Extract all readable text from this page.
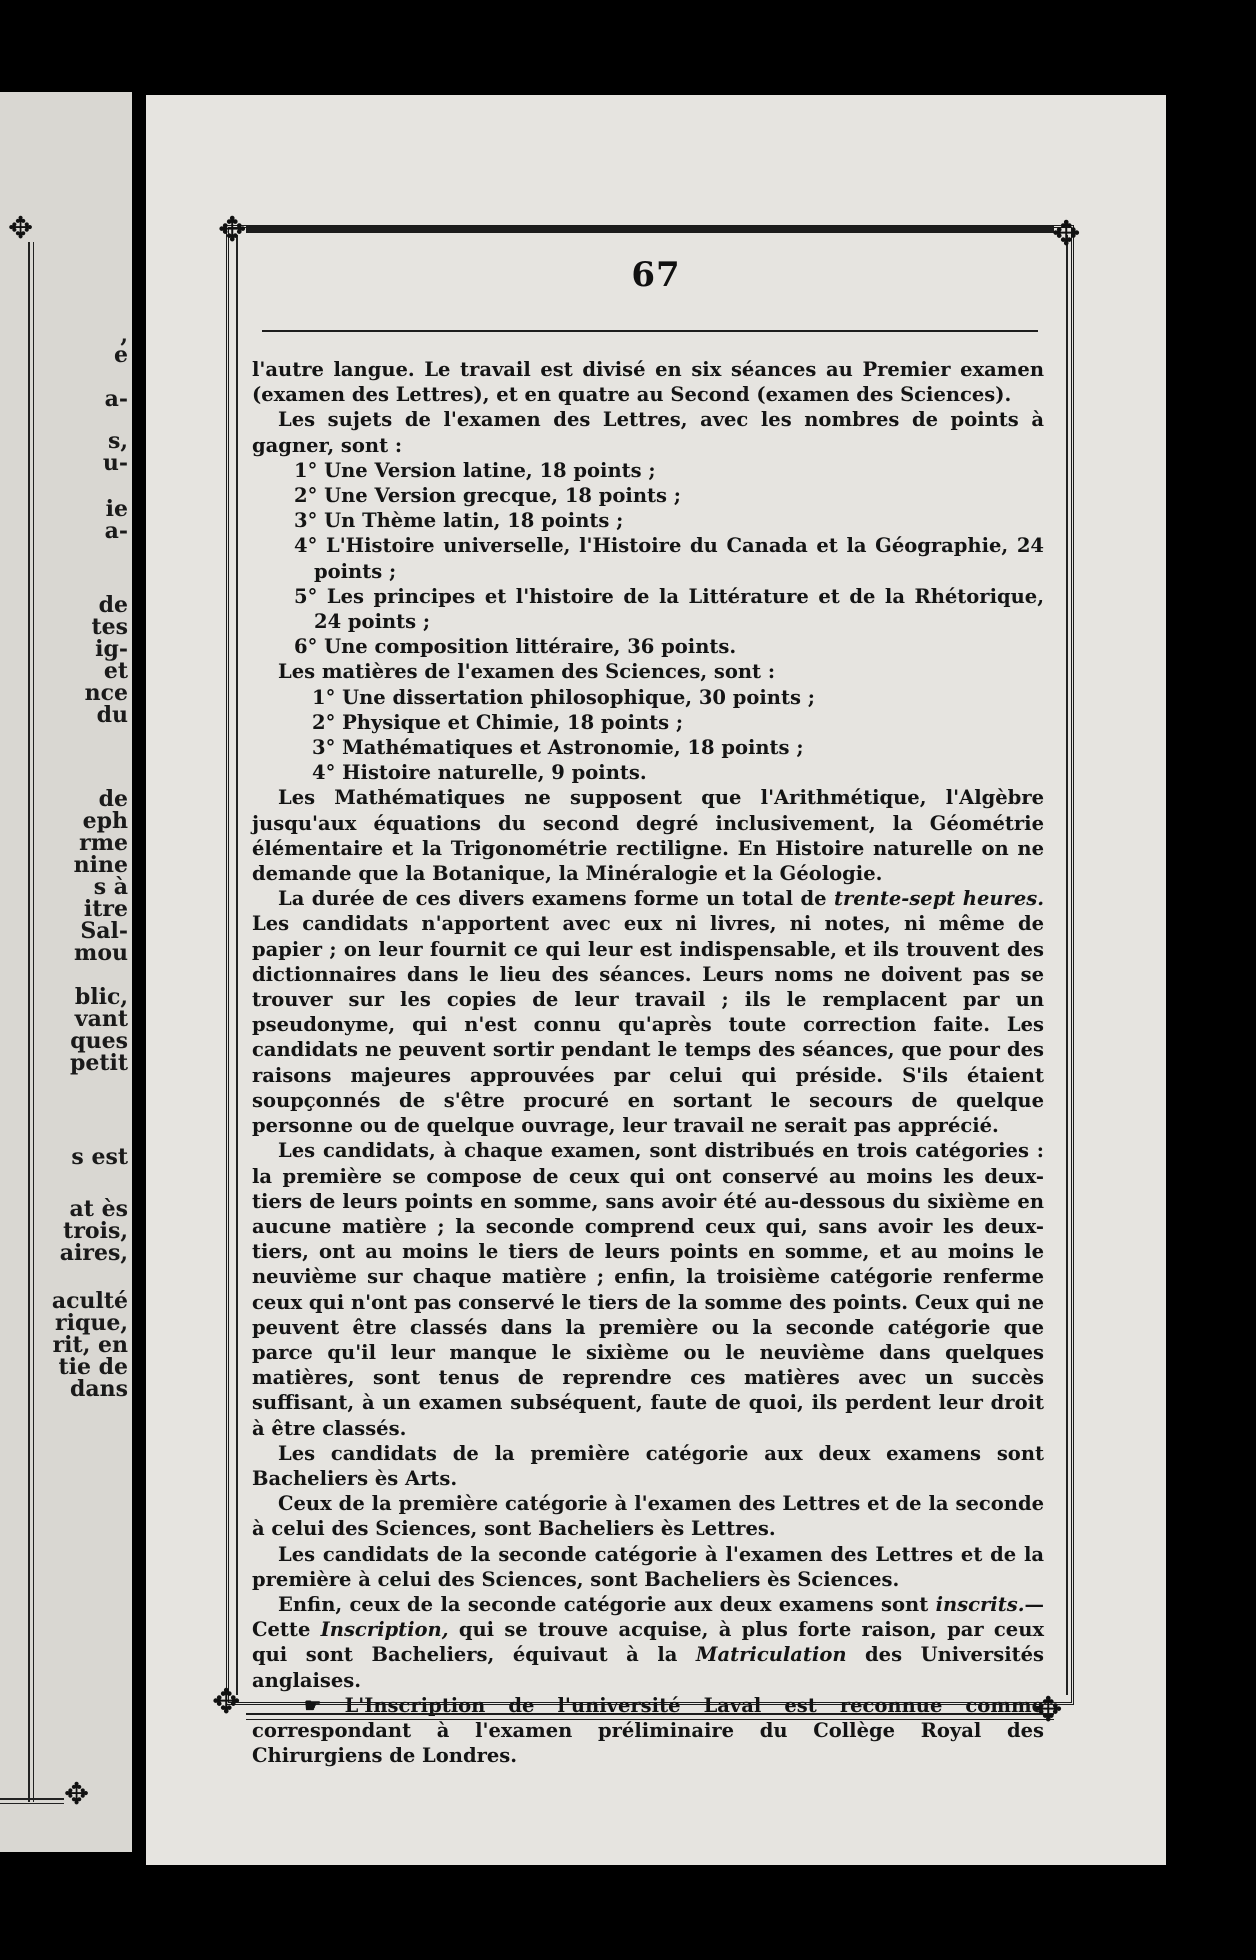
✥
✥
,
e
a-
s,
u-
ie
a-
de
tes
ig-
et
nce
du
de
eph
rme
nine
s à
itre
Sal-
mou
blic,
vant
ques
petit
s est
at ès
trois,
aires,
aculté
rique,
rit, en
tie de
dans
✥	✥
✥	✥
67

l'autre langue. Le travail est divisé en six séances au Premier examen (examen des Lettres), et en quatre au Second (examen des Sciences).

Les sujets de l'examen des Lettres, avec les nombres de points à gagner, sont :

1° Une Version latine, 18 points ;

2° Une Version grecque, 18 points ;

3° Un Thème latin, 18 points ;

4° L'Histoire universelle, l'Histoire du Canada et la Géographie, 24 points ;

5° Les principes et l'histoire de la Littérature et de la Rhétorique, 24 points ;

6° Une composition littéraire, 36 points.

Les matières de l'examen des Sciences, sont :

1° Une dissertation philosophique, 30 points ;

2° Physique et Chimie, 18 points ;

3° Mathématiques et Astronomie, 18 points ;

4° Histoire naturelle, 9 points.

Les Mathématiques ne supposent que l'Arithmétique, l'Algèbre jusqu'aux équations du second degré inclusivement, la Géométrie élémentaire et la Trigonométrie rectiligne. En Histoire naturelle on ne demande que la Botanique, la Minéralogie et la Géologie.

La durée de ces divers examens forme un total de trente-sept heures. Les candidats n'apportent avec eux ni livres, ni notes, ni même de papier ; on leur fournit ce qui leur est indispensable, et ils trouvent des dictionnaires dans le lieu des séances. Leurs noms ne doivent pas se trouver sur les copies de leur travail ; ils le remplacent par un pseudonyme, qui n'est connu qu'après toute correction faite. Les candidats ne peuvent sortir pendant le temps des séances, que pour des raisons majeures approuvées par celui qui préside. S'ils étaient soupçonnés de s'être procuré en sortant le secours de quelque personne ou de quelque ouvrage, leur travail ne serait pas apprécié.

Les candidats, à chaque examen, sont distribués en trois catégories : la première se compose de ceux qui ont conservé au moins les deux-tiers de leurs points en somme, sans avoir été au-dessous du sixième en aucune matière ; la seconde comprend ceux qui, sans avoir les deux-tiers, ont au moins le tiers de leurs points en somme, et au moins le neuvième sur chaque matière ; enfin, la troisième catégorie renferme ceux qui n'ont pas conservé le tiers de la somme des points. Ceux qui ne peuvent être classés dans la première ou la seconde catégorie que parce qu'il leur manque le sixième ou le neuvième dans quelques matières, sont tenus de reprendre ces matières avec un succès suffisant, à un examen subséquent, faute de quoi, ils perdent leur droit à être classés.

Les candidats de la première catégorie aux deux examens sont Bacheliers ès Arts.

Ceux de la première catégorie à l'examen des Lettres et de la seconde à celui des Sciences, sont Bacheliers ès Lettres.

Les candidats de la seconde catégorie à l'examen des Lettres et de la première à celui des Sciences, sont Bacheliers ès Sciences.

Enfin, ceux de la seconde catégorie aux deux examens sont inscrits.— Cette Inscription, qui se trouve acquise, à plus forte raison, par ceux qui sont Bacheliers, équivaut à la Matriculation des Universités anglaises.

☛ L'Inscription de l'université Laval est reconnue comme correspondant à l'examen préliminaire du Collège Royal des Chirurgiens de Londres.
